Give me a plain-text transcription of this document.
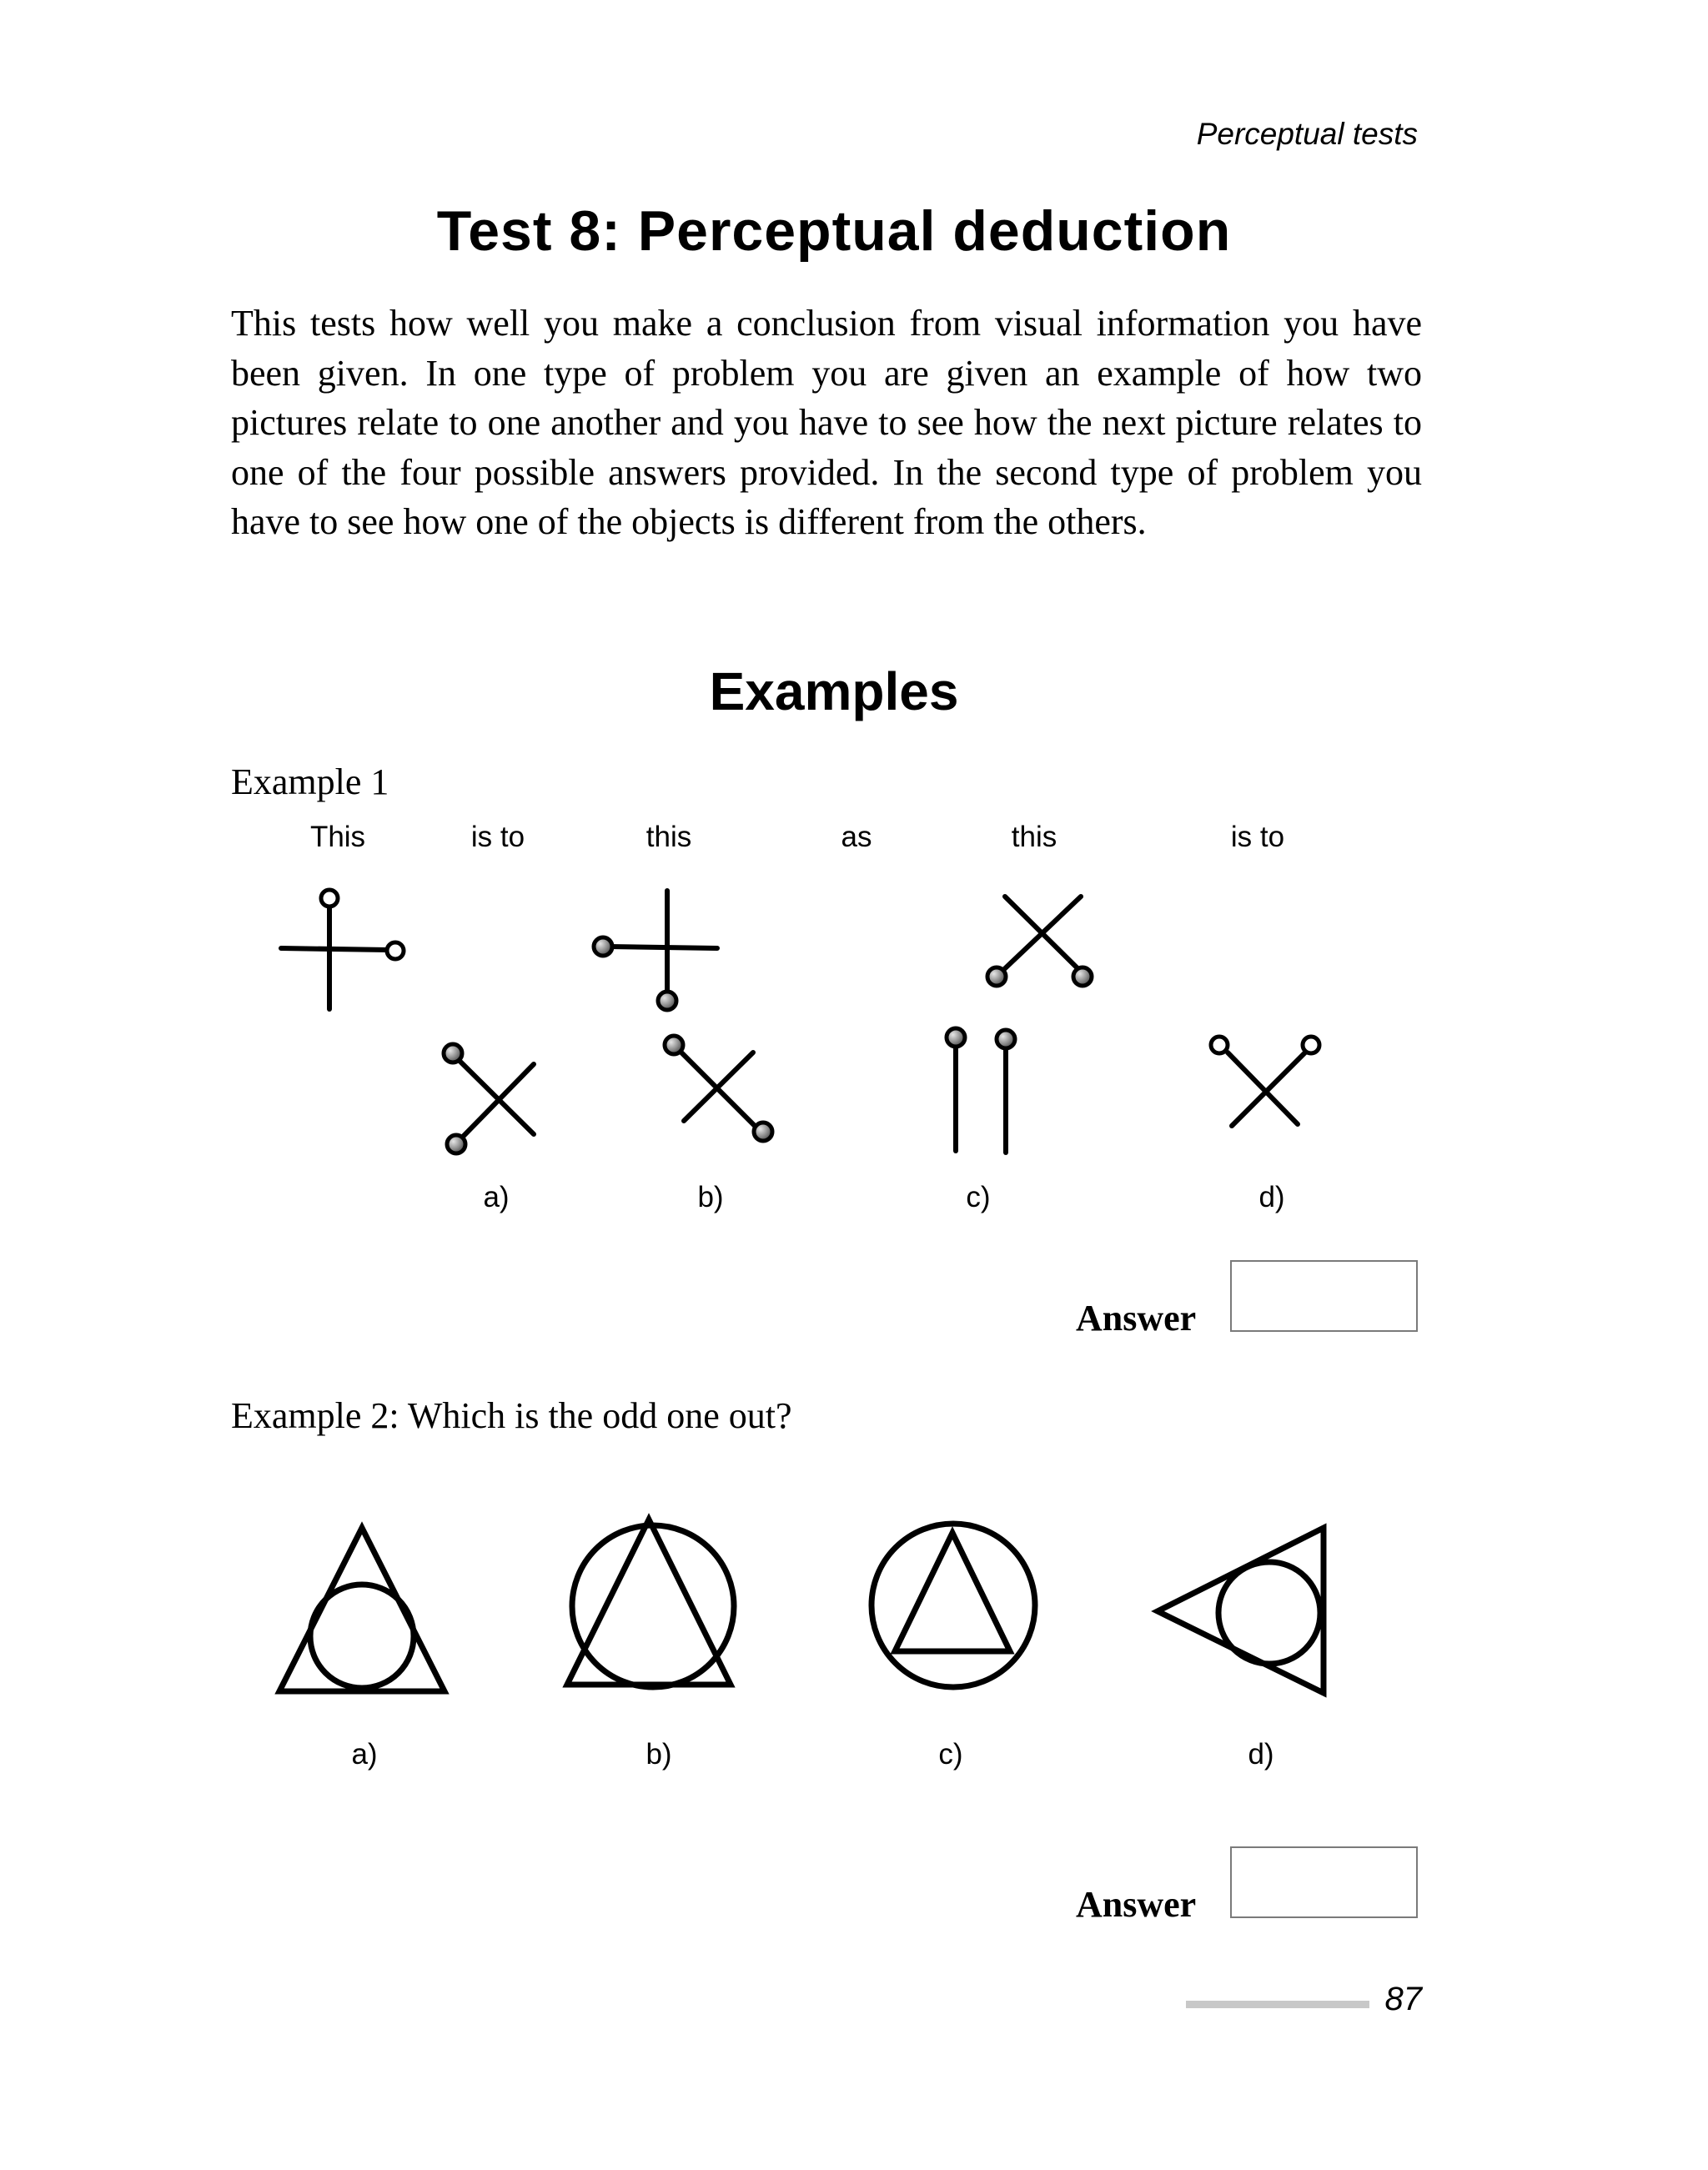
Perceptual tests
Test 8: Perceptual deduction
This tests how well you make a conclusion from visual information you have been given. In one type of problem you are given an example of how two pictures relate to one another and you have to see how the next picture relates to one of the four possible answers provided. In the second type of problem you have to see how one of the objects is different from the others.
Examples
Example 1
This	is to	this	as	this	is to
a)	b)	c)	d)
Answer
Example 2: Which is the odd one out?
a)	b)	c)	d)
Answer
87
